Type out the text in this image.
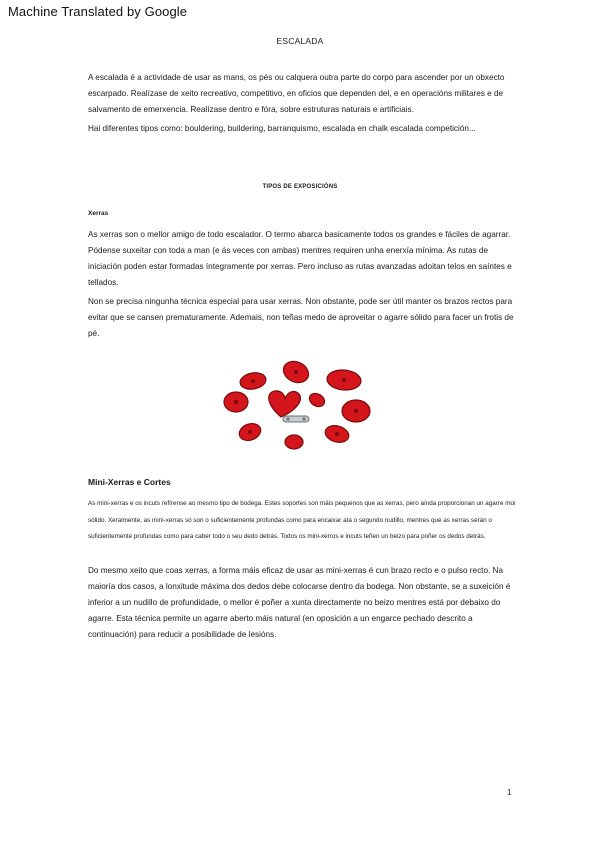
Machine Translated by Google
ESCALADA

A escalada é a actividade de usar as mans, os pés ou calquera outra parte do corpo para ascender por un obxecto escarpado. Realízase de xeito recreativo, competitivo, en oficios que dependen del, e en operacións militares e de salvamento de emerxencia. Realízase dentro e fóra, sobre estruturas naturais e artificiais.

Hai diferentes tipos como: bouldering, buildering, barranquismo, escalada en chalk escalada competición...

TIPOS DE EXPOSICIÓNS
Xerras

As xerras son o mellor amigo de todo escalador. O termo abarca basicamente todos os grandes e fáciles de agarrar. Pódense suxeitar con toda a man (e ás veces con ambas) mentres requiren unha enerxía mínima. As rutas de iniciación poden estar formadas íntegramente por xerras. Pero incluso as rutas avanzadas adoitan telos en saíntes e tellados.

Non se precisa ningunha técnica especial para usar xerras. Non obstante, pode ser útil manter os brazos rectos para evitar que se cansen prematuramente. Ademais, non teñas medo de aproveitar o agarre sólido para facer un frotis de pé.

Mini-Xerras e Cortes

As mini-xerras e os incuts refírense ao mesmo tipo de bodega. Estes soportes son máis pequenos que as xerras, pero aínda proporcionan un agarre moi sólido. Xeralmente, as mini-xerras só son o suficientemente profundas como para encaixar ata o segundo nudillo, mentres que as xerras serán o suficientemente profundas como para caber todo o seu dedo detrás. Todos os mini-xerros e incuts teñen un beizo para poñer os dedos detrás.

Do mesmo xeito que coas xerras, a forma máis eficaz de usar as mini-xerras é cun brazo recto e o pulso recto. Na maioría dos casos, a lonxitude máxima dos dedos debe colocarse dentro da bodega. Non obstante, se a suxeición é inferior a un nudillo de profundidade, o mellor é poñer a xunta directamente no beizo mentres está por debaixo do agarre. Esta técnica permite un agarre aberto máis natural (en oposición a un engarce pechado descrito a continuación) para reducir a posibilidade de lesións.

1
